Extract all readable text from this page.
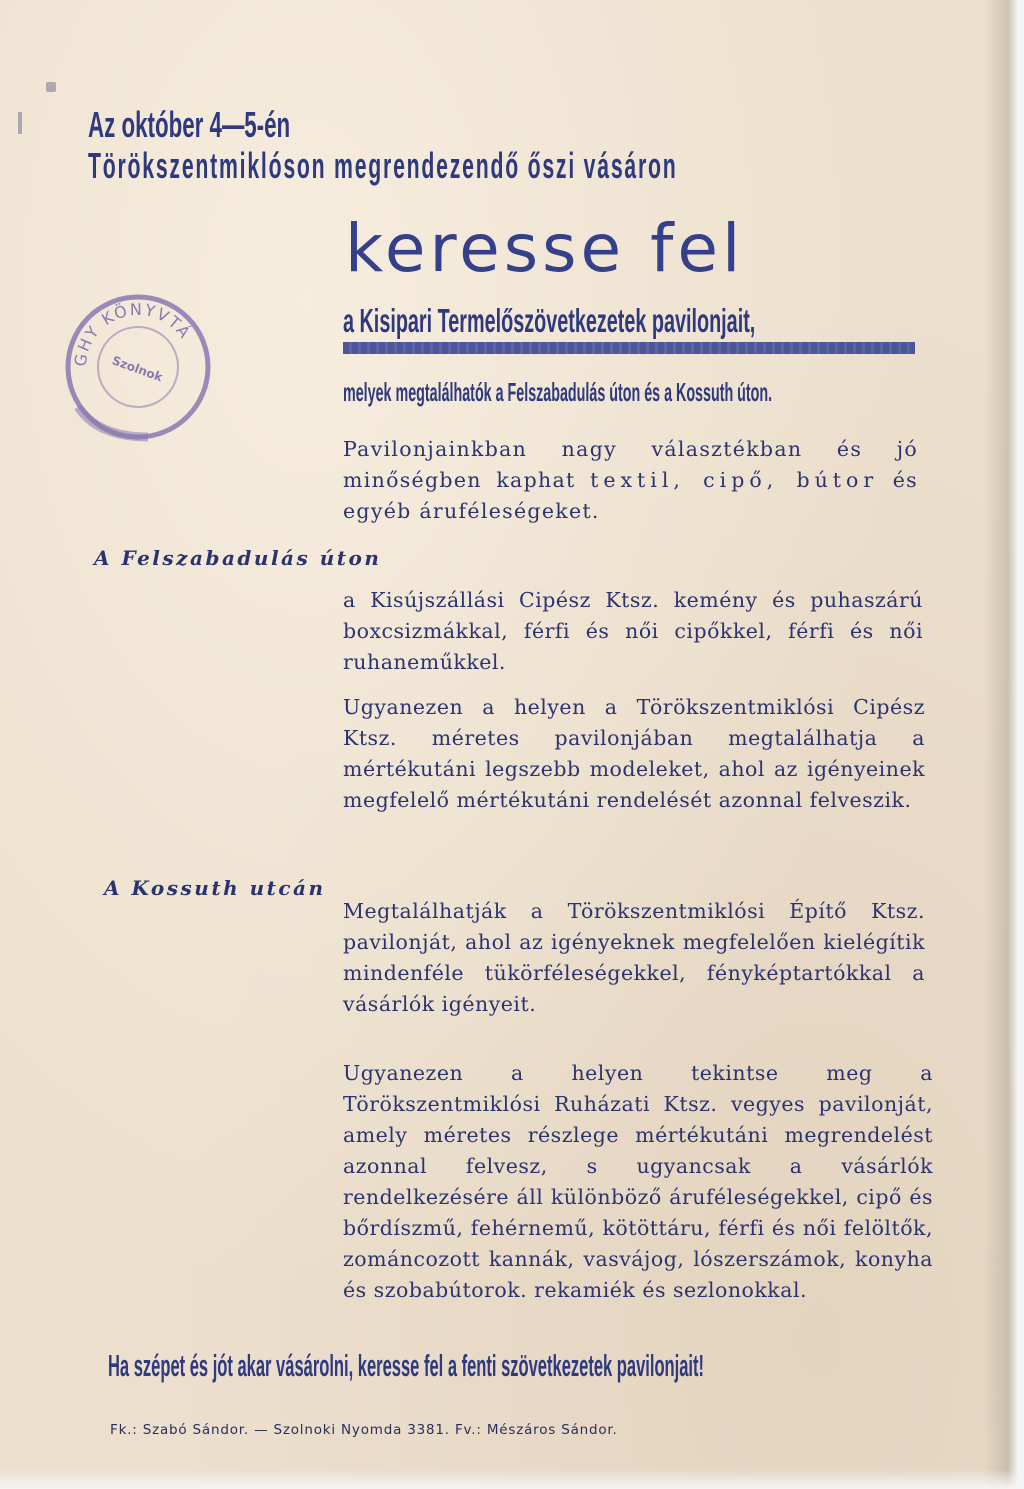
GHY KÖNYVTÁ
Szolnok
Az október 4—5-én
Törökszentmiklóson megrendezendő őszi vásáron
keresse fel
a Kisipari Termelőszövetkezetek pavilonjait,
melyek megtalálhatók a Felszabadulás úton és a Kossuth úton.
Pavilonjainkban nagy választékban és jó minőségben kaphat textil, cipő, bútor és egyéb áruféleségeket.
A Felszabadulás úton
a Kisújszállási Cipész Ktsz. kemény és puhaszárú boxcsizmákkal, férfi és női cipőkkel, férfi és női ruhaneműkkel.
Ugyanezen a helyen a Törökszentmiklósi Cipész Ktsz. méretes pavilonjában megtalálhatja a mértékutáni legszebb modeleket, ahol az igényeinek megfelelő mértékutáni rendelését azonnal felveszik.
A Kossuth utcán
Megtalálhatják a Törökszentmiklósi Építő Ktsz. pavilonját, ahol az igényeknek megfelelően kielégítik mindenféle tükörféleségekkel, fényképtartókkal a vásárlók igényeit.
Ugyanezen a helyen tekintse meg a Törökszentmiklósi Ruházati Ktsz. vegyes pavilonját, amely méretes részlege mértékutáni megrendelést azonnal felvesz, s ugyancsak a vásárlók rendelkezésére áll különböző áruféleségekkel, cipő és bőrdíszmű, fehérnemű, kötöttáru, férfi és női felöltők, zománcozott kannák, vasvájog, lószerszámok, konyha és szobabútorok. rekamiék és sezlonokkal.
Ha szépet és jót akar vásárolni, keresse fel a fenti szövetkezetek pavilonjait!
Fk.: Szabó Sándor. — Szolnoki Nyomda 3381. Fv.: Mészáros Sándor.
